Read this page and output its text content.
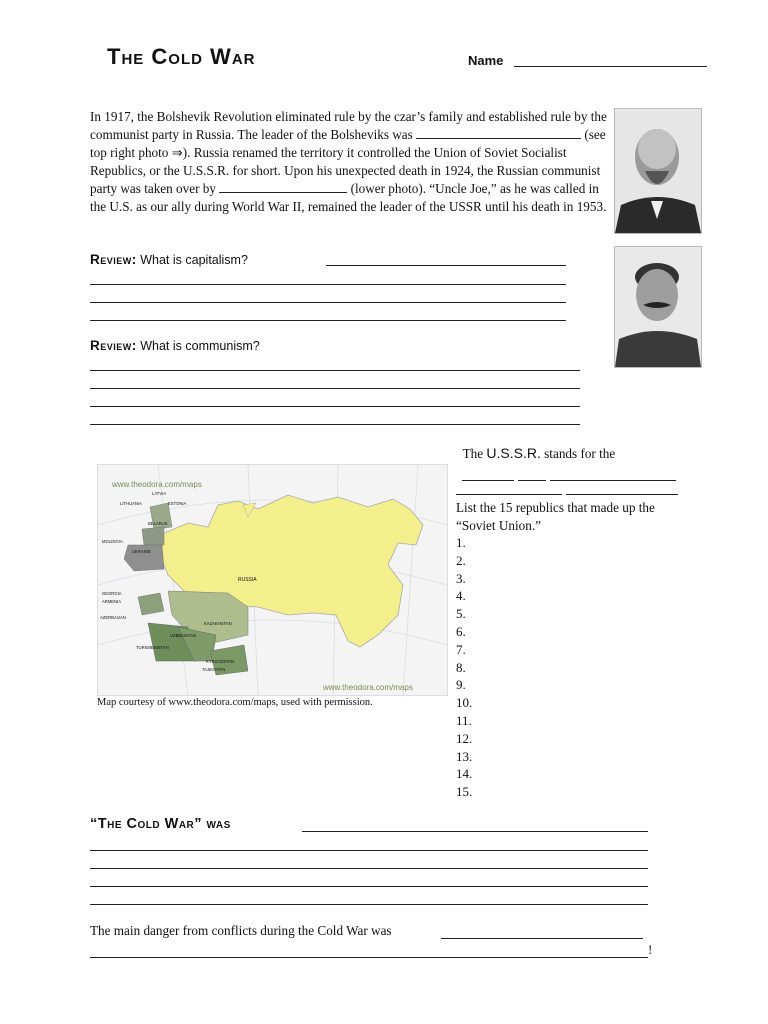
The Cold War	Name
In 1917, the Bolshevik Revolution eliminated rule by the czar’s family and established rule by the communist party in Russia. The leader of the Bolsheviks was	(see top right photo ⇒). Russia renamed the territory it controlled the Union of Soviet Socialist Republics, or the U.S.S.R. for short. Upon his unexpected death in 1924, the Russian communist party was taken over by	(lower photo). “Uncle Joe,” as he was called in the U.S. as our ally during World War II, remained the leader of the USSR until his death in 1953.
Review: What is capitalism?
Review: What is communism?
www.theodora.com/maps
www.theodora.com/maps
LATVIA
LITHUANIA	ESTONIA
BELARUS
MOLDOVA
UKRAINE
RUSSIA
GEORGIA
ARMENIA
AZERBAIJAN
KAZAKHSTAN
UZBEKISTAN
TURKMENISTAN
KYRGYZSTAN
TAJIKISTAN
Map courtesy of www.theodora.com/maps, used with permission.
The U.S.S.R. stands for the
List the 15 republics that made up the “Soviet Union.”
1.
2.
3.
4.
5.
6.
7.
8.
9.
10.
11.
12.
13.
14.
15.
“The Cold War” was
The main danger from conflicts during the Cold War was
!
